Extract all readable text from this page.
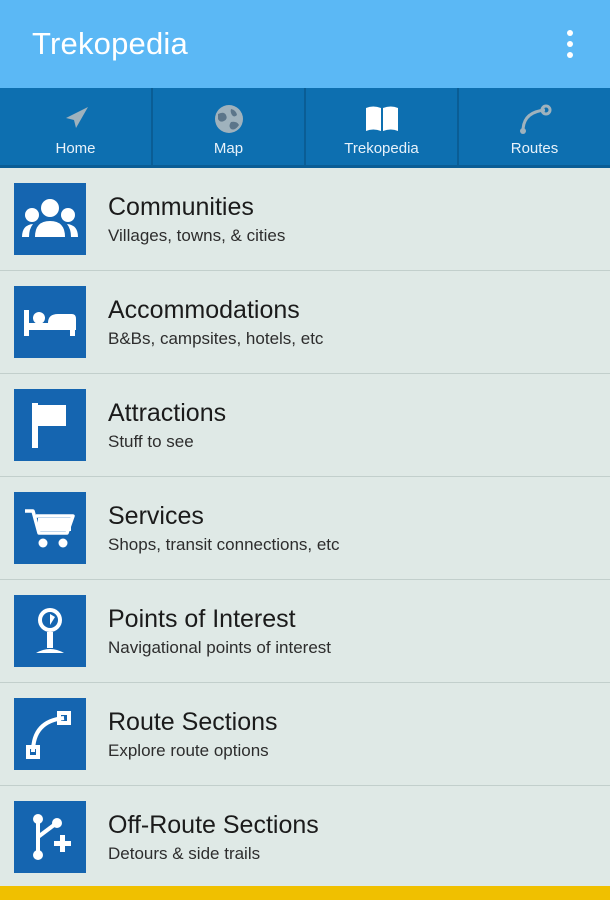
Trekopedia
Home	Map	Trekopedia	Routes
Communities
Villages, towns, & cities
Accommodations
B&Bs, campsites, hotels, etc
Attractions
Stuff to see
Services
Shops, transit connections, etc
Points of Interest
Navigational points of interest
Route Sections
Explore route options
Off-Route Sections
Detours & side trails
